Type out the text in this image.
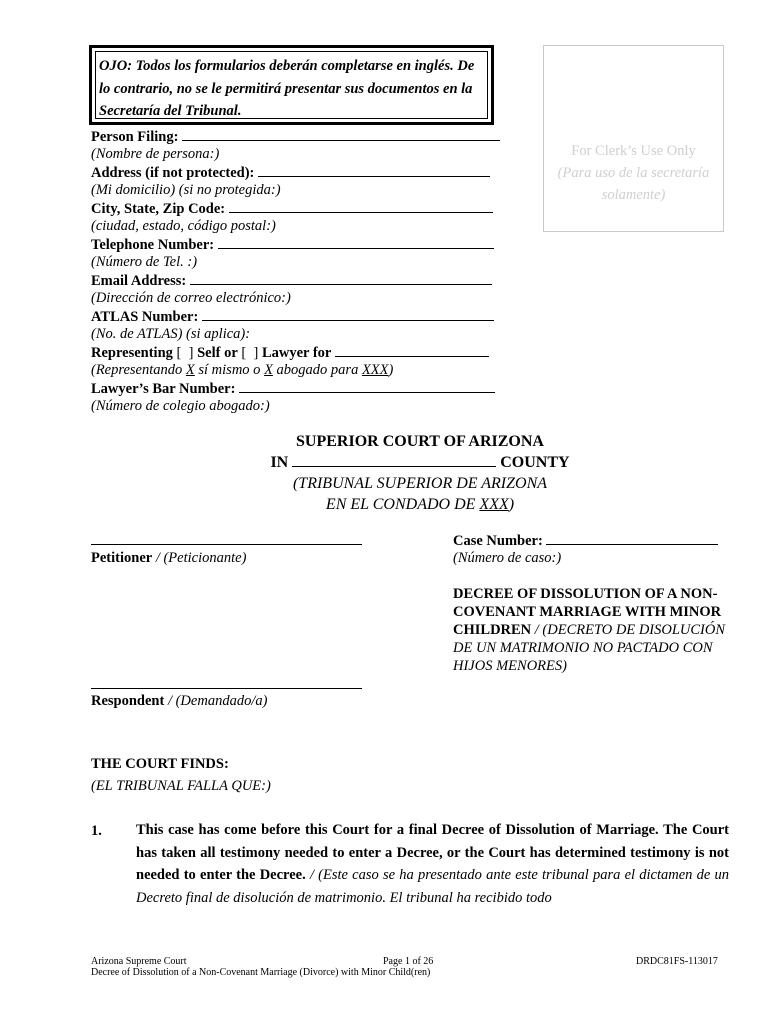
OJO: Todos los formularios deberán completarse en inglés. De lo contrario, no se le permitirá presentar sus documentos en la Secretaría del Tribunal.
For Clerk’s Use Only
(Para uso de la secretaría
solamente)
Person Filing:
(Nombre de persona:)
Address (if not protected):
(Mi domicilio) (si no protegida:)
City, State, Zip Code:
(ciudad, estado, código postal:)
Telephone Number:
(Número de Tel. :)
Email Address:
(Dirección de correo electrónico:)
ATLAS Number:
(No. de ATLAS) (si aplica):
Representing [ ] Self or [ ] Lawyer for
(Representando X sí mismo o X abogado para XXX)
Lawyer’s Bar Number:
(Número de colegio abogado:)
SUPERIOR COURT OF ARIZONA
IN	COUNTY
(TRIBUNAL SUPERIOR DE ARIZONA
EN EL CONDADO DE XXX)
Petitioner / (Peticionante)
Case Number:
(Número de caso:)
DECREE OF DISSOLUTION OF A NON-
COVENANT MARRIAGE WITH MINOR
CHILDREN / (DECRETO DE DISOLUCIÓN
DE UN MATRIMONIO NO PACTADO CON
HIJOS MENORES)
Respondent / (Demandado/a)
THE COURT FINDS:
(EL TRIBUNAL FALLA QUE:)
1. This case has come before this Court for a final Decree of Dissolution of Marriage. The Court has taken all testimony needed to enter a Decree, or the Court has determined testimony is not needed to enter the Decree. / (Este caso se ha presentado ante este tribunal para el dictamen de un Decreto final de disolución de matrimonio. El tribunal ha recibido todo
Arizona Supreme Court
Decree of Dissolution of a Non-Covenant Marriage (Divorce) with Minor Child(ren)
Page 1 of 26	DRDC81FS-113017
